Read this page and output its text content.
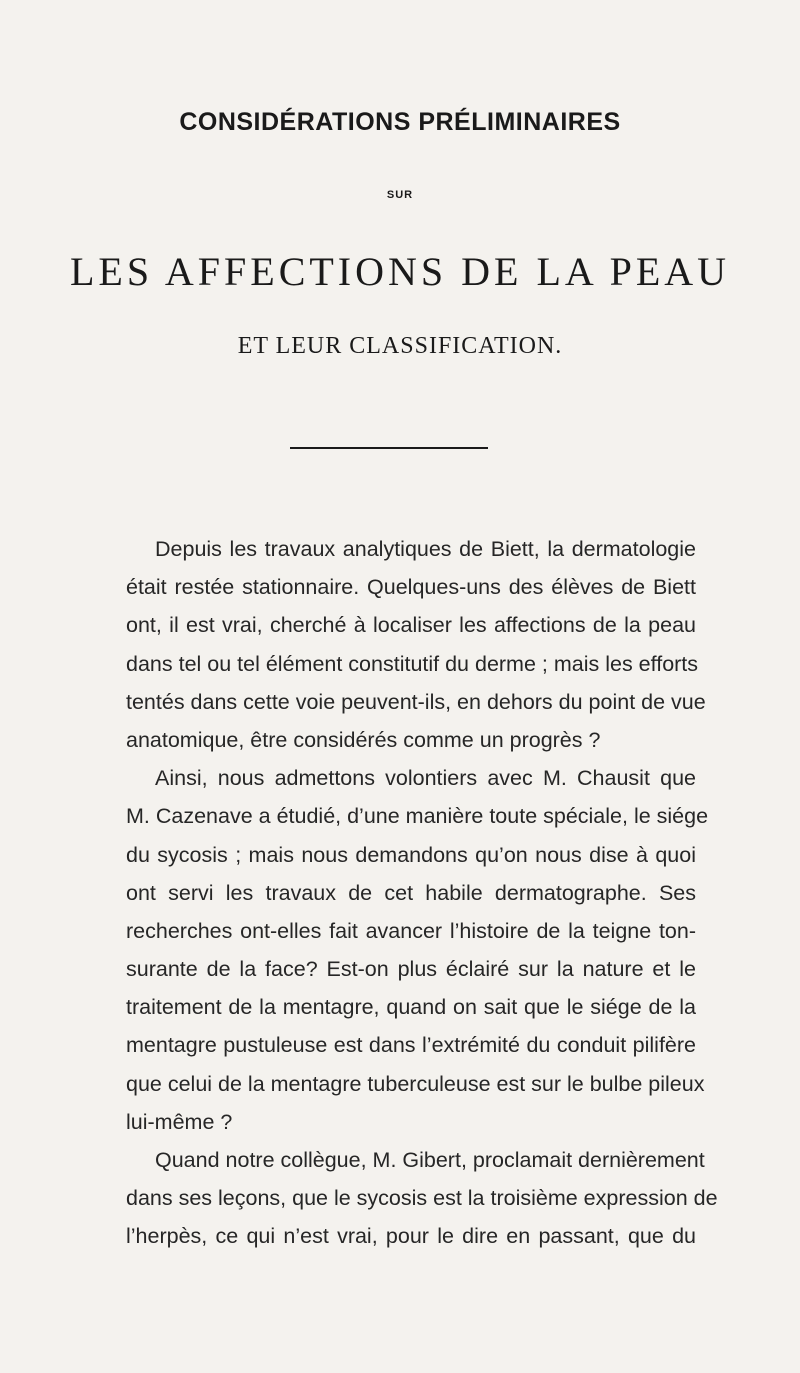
CONSIDÉRATIONS PRÉLIMINAIRES
SUR
LES AFFECTIONS DE LA PEAU
ET LEUR CLASSIFICATION.
Depuis les travaux analytiques de Biett, la dermatologie
était restée stationnaire. Quelques-uns des élèves de Biett
ont, il est vrai, cherché à localiser les affections de la peau
dans tel ou tel élément constitutif du derme ; mais les efforts
tentés dans cette voie peuvent-ils, en dehors du point de vue
anatomique, être considérés comme un progrès ?
Ainsi, nous admettons volontiers avec M. Chausit que
M. Cazenave a étudié, d’une manière toute spéciale, le siége
du sycosis ; mais nous demandons qu’on nous dise à quoi
ont servi les travaux de cet habile dermatographe. Ses
recherches ont-elles fait avancer l’histoire de la teigne ton-
surante de la face? Est-on plus éclairé sur la nature et le
traitement de la mentagre, quand on sait que le siége de la
mentagre pustuleuse est dans l’extrémité du conduit pilifère
que celui de la mentagre tuberculeuse est sur le bulbe pileux
lui-même ?
Quand notre collègue, M. Gibert, proclamait dernièrement
dans ses leçons, que le sycosis est la troisième expression de
l’herpès, ce qui n’est vrai, pour le dire en passant, que du
